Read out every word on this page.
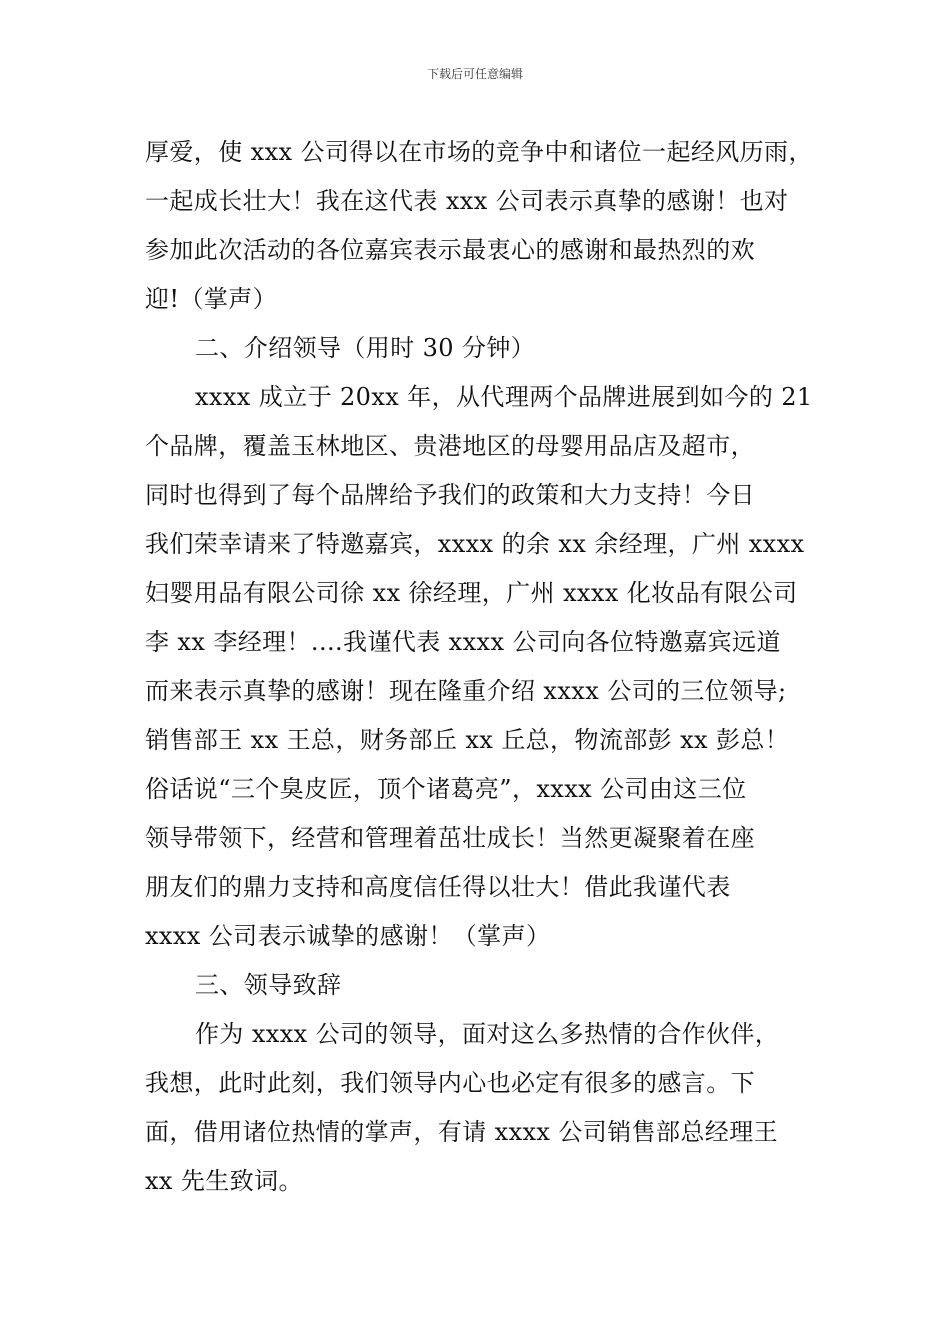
下载后可任意编辑
厚爱，使 xxx 公司得以在市场的竞争中和诸位一起经风历雨，
一起成长壮大！我在这代表 xxx 公司表示真挚的感谢！也对
参加此次活动的各位嘉宾表示最衷心的感谢和最热烈的欢
迎!（掌声）
二、介绍领导（用时 30 分钟）
xxxx 成立于 20xx 年，从代理两个品牌进展到如今的 21
个品牌，覆盖玉林地区、贵港地区的母婴用品店及超市，
同时也得到了每个品牌给予我们的政策和大力支持！今日
我们荣幸请来了特邀嘉宾，xxxx 的余 xx 余经理，广州 xxxx
妇婴用品有限公司徐 xx 徐经理，广州 xxxx 化妆品有限公司
李 xx 李经理！....我谨代表 xxxx 公司向各位特邀嘉宾远道
而来表示真挚的感谢！现在隆重介绍 xxxx 公司的三位领导;
销售部王 xx 王总，财务部丘 xx 丘总，物流部彭 xx 彭总！
俗话说“三个臭皮匠，顶个诸葛亮”，xxxx 公司由这三位
领导带领下，经营和管理着茁壮成长！当然更凝聚着在座
朋友们的鼎力支持和高度信任得以壮大！借此我谨代表
xxxx 公司表示诚挚的感谢！（掌声）
三、领导致辞
作为 xxxx 公司的领导，面对这么多热情的合作伙伴，
我想，此时此刻，我们领导内心也必定有很多的感言。下
面，借用诸位热情的掌声，有请 xxxx 公司销售部总经理王
xx 先生致词。
